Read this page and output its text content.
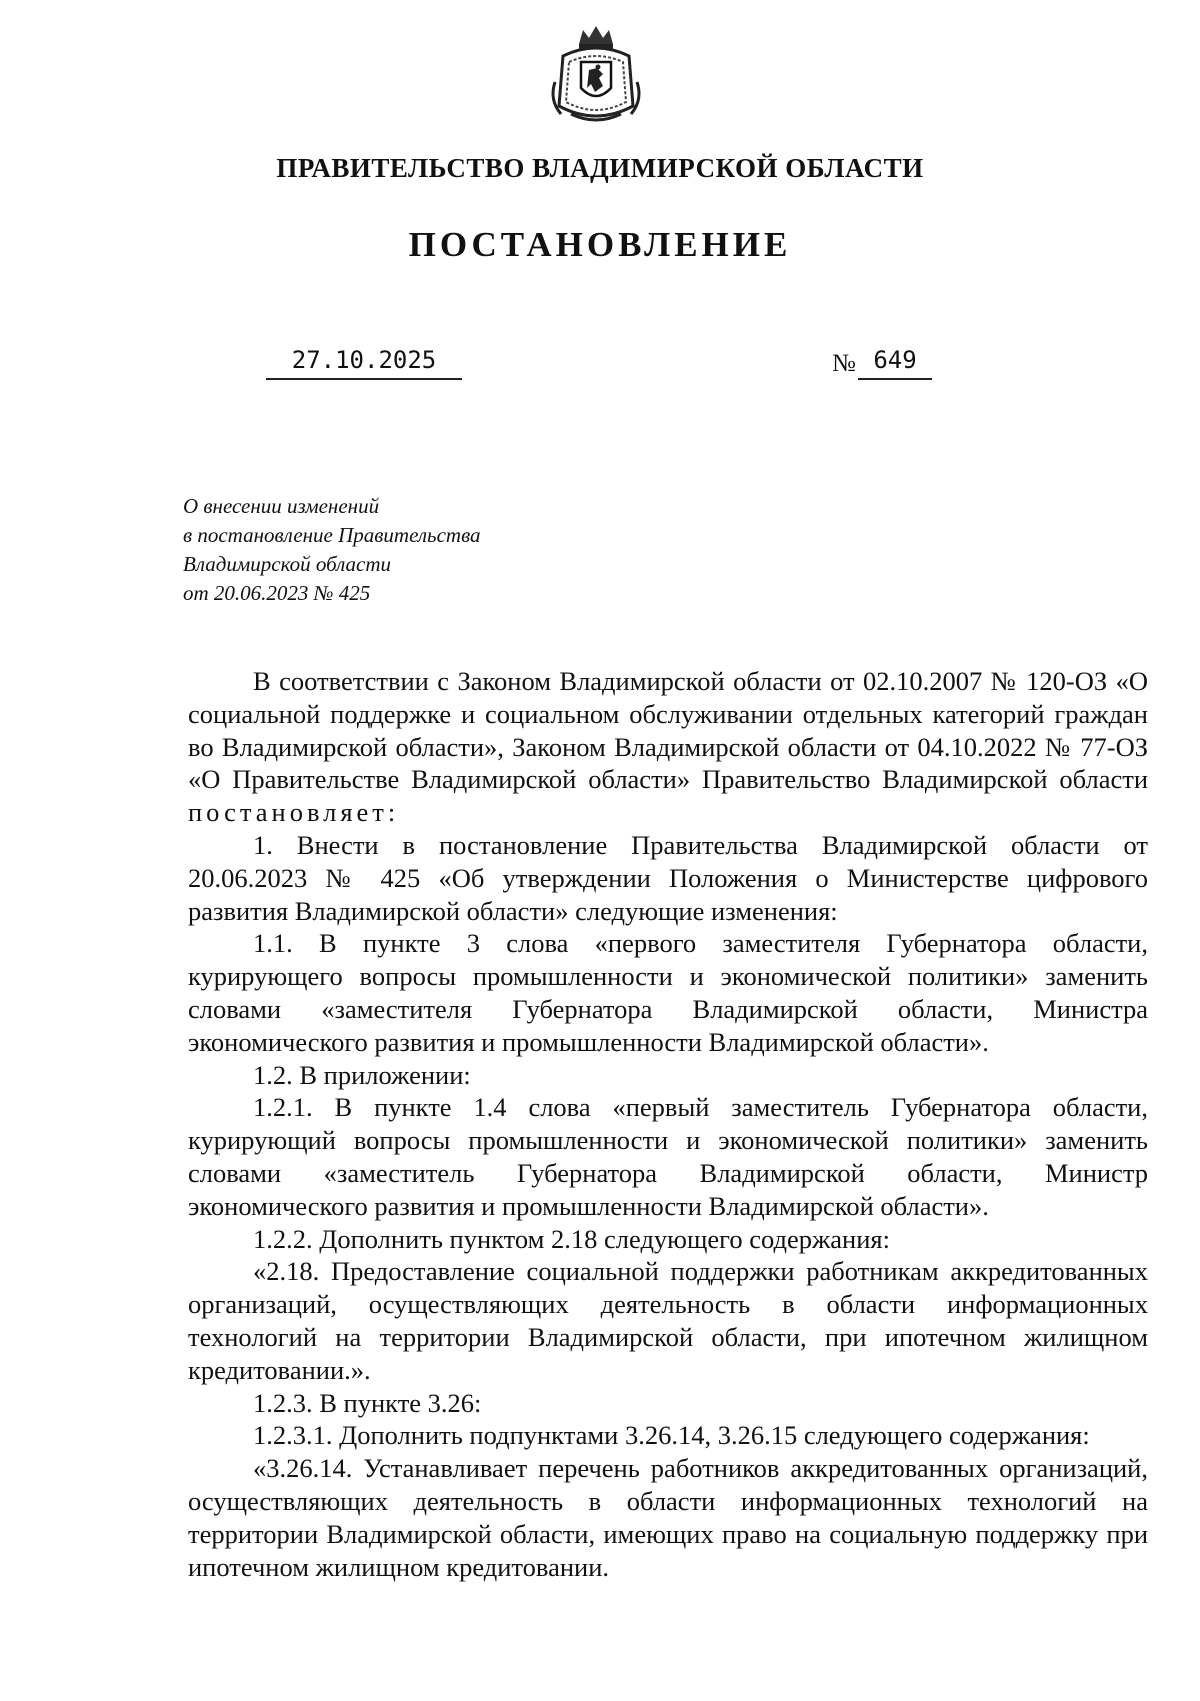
ПРАВИТЕЛЬСТВО ВЛАДИМИРСКОЙ ОБЛАСТИ
ПОСТАНОВЛЕНИЕ
27.10.2025	№ 649
О внесении изменений
в постановление Правительства
Владимирской области
от 20.06.2023 № 425
В соответствии с Законом Владимирской области от 02.10.2007 № 120-ОЗ «О социальной поддержке и социальном обслуживании отдельных категорий граждан во Владимирской области», Законом Владимирской области от 04.10.2022 № 77-ОЗ «О Правительстве Владимирской области» Правительство Владимирской области постановляет:
1. Внести в постановление Правительства Владимирской области от 20.06.2023 № 425 «Об утверждении Положения о Министерстве цифрового развития Владимирской области» следующие изменения:
1.1. В пункте 3 слова «первого заместителя Губернатора области, курирующего вопросы промышленности и экономической политики» заменить словами «заместителя Губернатора Владимирской области, Министра экономического развития и промышленности Владимирской области».
1.2. В приложении:
1.2.1. В пункте 1.4 слова «первый заместитель Губернатора области, курирующий вопросы промышленности и экономической политики» заменить словами «заместитель Губернатора Владимирской области, Министр экономического развития и промышленности Владимирской области».
1.2.2. Дополнить пунктом 2.18 следующего содержания:
«2.18. Предоставление социальной поддержки работникам аккредитованных организаций, осуществляющих деятельность в области информационных технологий на территории Владимирской области, при ипотечном жилищном кредитовании.».
1.2.3. В пункте 3.26:
1.2.3.1. Дополнить подпунктами 3.26.14, 3.26.15 следующего содержания:
«3.26.14. Устанавливает перечень работников аккредитованных организаций, осуществляющих деятельность в области информационных технологий на территории Владимирской области, имеющих право на социальную поддержку при ипотечном жилищном кредитовании.
